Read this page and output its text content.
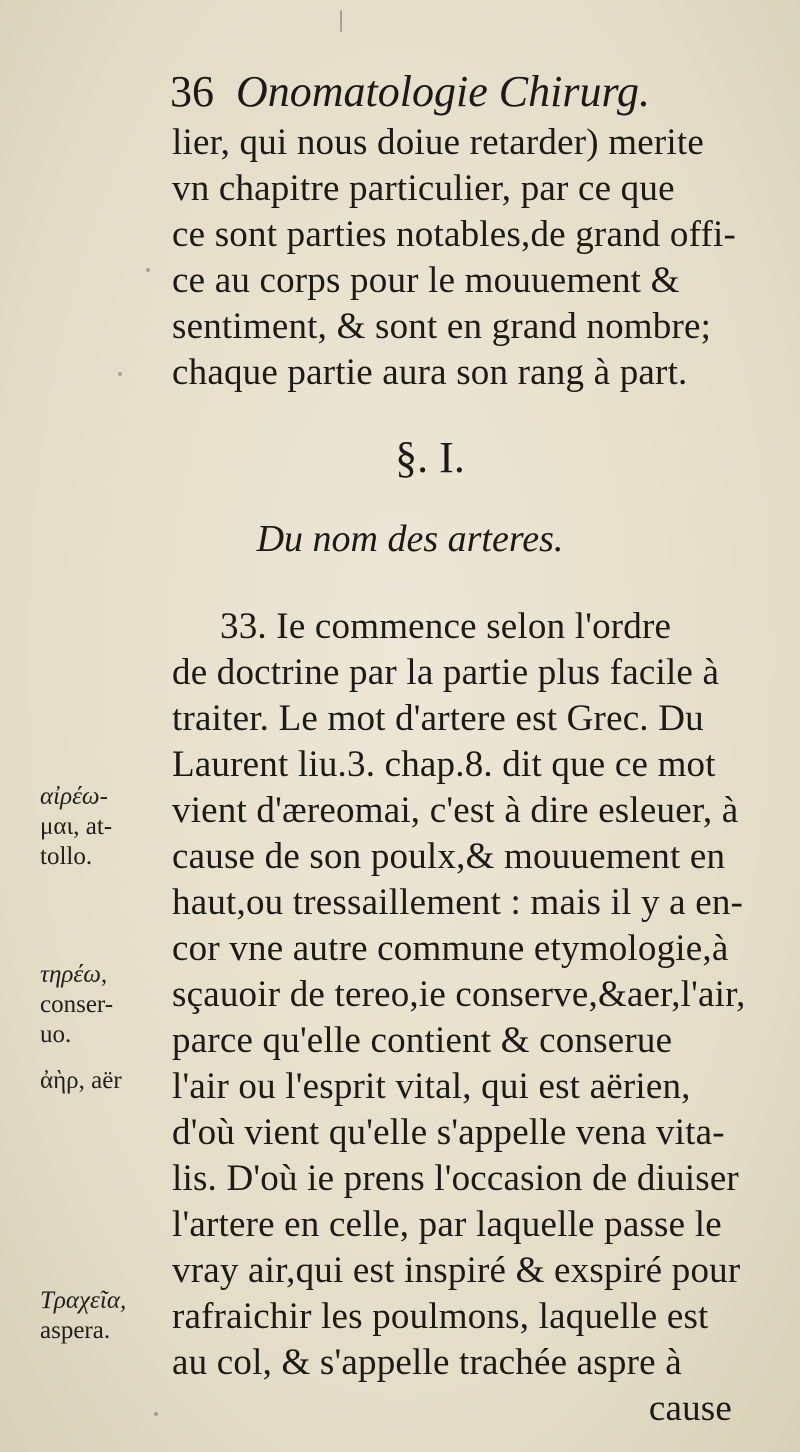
36 Onomatologie Chirurg.
lier, qui nous doiue retarder) merite
vn chapitre particulier, par ce que
ce sont parties notables,de grand offi-
ce au corps pour le mouuement &
sentiment, & sont en grand nombre;
chaque partie aura son rang à part.
§. I.
Du nom des arteres.
33. Ie commence selon l'ordre
de doctrine par la partie plus facile à
traiter. Le mot d'artere est Grec. Du
Laurent liu.3. chap.8. dit que ce mot
vient d'æreomai, c'est à dire esleuer, à
cause de son poulx,& mouuement en
haut,ou tressaillement : mais il y a en-
cor vne autre commune etymologie,à
sçauoir de tereo,ie conserve,&aer,l'air,
parce qu'elle contient & conserue
l'air ou l'esprit vital, qui est aërien,
d'où vient qu'elle s'appelle vena vita-
lis. D'où ie prens l'occasion de diuiser
l'artere en celle, par laquelle passe le
vray air,qui est inspiré & exspiré pour
rafraichir les poulmons, laquelle est
au col, & s'appelle trachée aspre à
cause
αἰρέω-
μαι, at-
tollo.
τηρέω,
conser-
uo.
ἀὴρ, aër
Τραχεῖα,
aspera.
